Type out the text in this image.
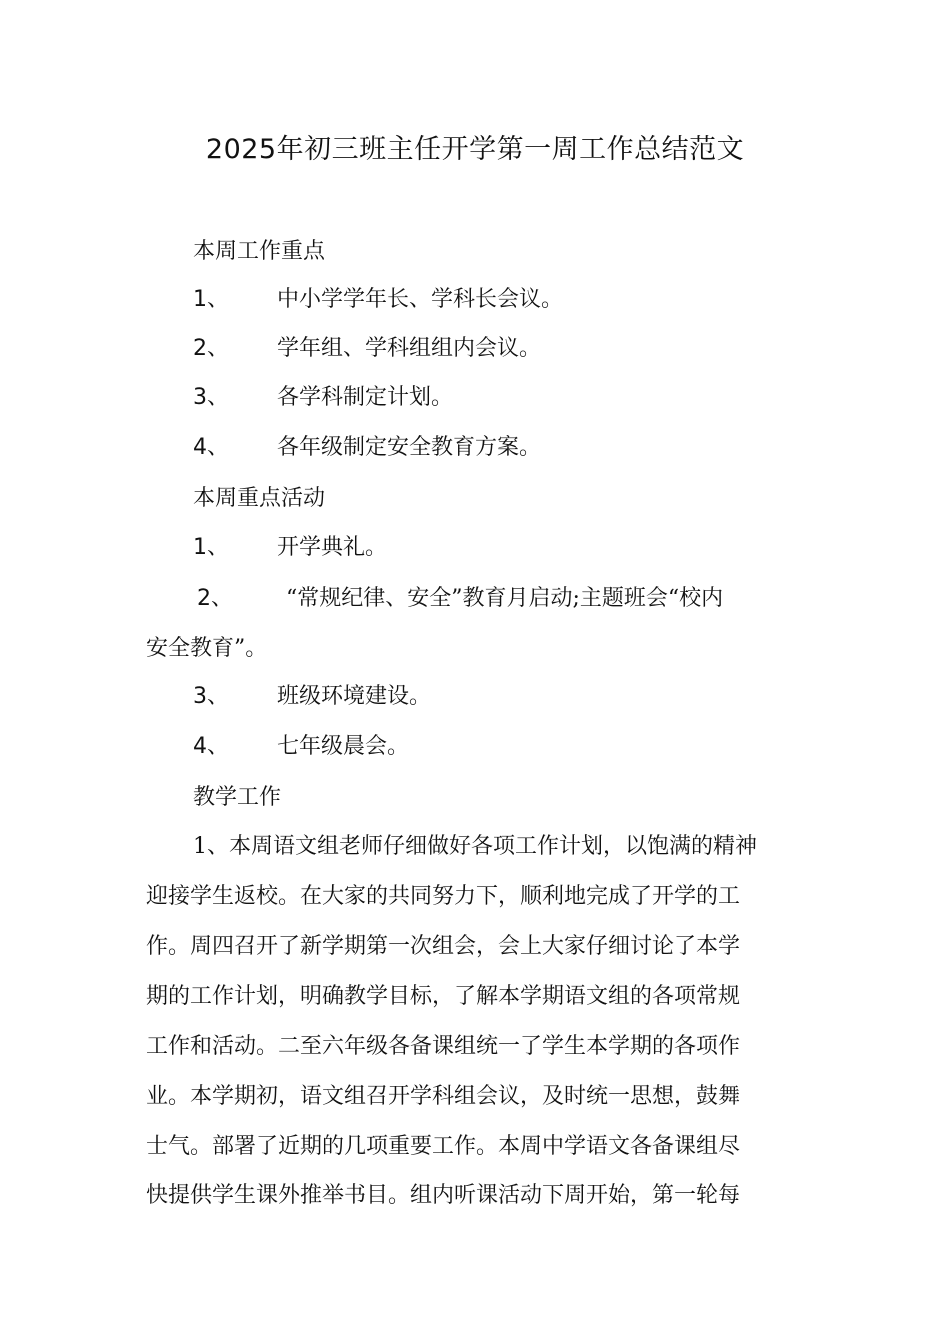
2025年初三班主任开学第一周工作总结范文
本周工作重点
1、 中小学学年长、学科长会议。
2、 学年组、学科组组内会议。
3、 各学科制定计划。
4、 各年级制定安全教育方案。
本周重点活动
1、 开学典礼。
2、 “常规纪律、安全”教育月启动;主题班会“校内
安全教育”。
3、 班级环境建设。
4、 七年级晨会。
教学工作
1、本周语文组老师仔细做好各项工作计划，以饱满的精神
迎接学生返校。在大家的共同努力下，顺利地完成了开学的工
作。周四召开了新学期第一次组会，会上大家仔细讨论了本学
期的工作计划，明确教学目标，了解本学期语文组的各项常规
工作和活动。二至六年级各备课组统一了学生本学期的各项作
业。本学期初，语文组召开学科组会议，及时统一思想，鼓舞
士气。部署了近期的几项重要工作。本周中学语文各备课组尽
快提供学生课外推举书目。组内听课活动下周开始，第一轮每
